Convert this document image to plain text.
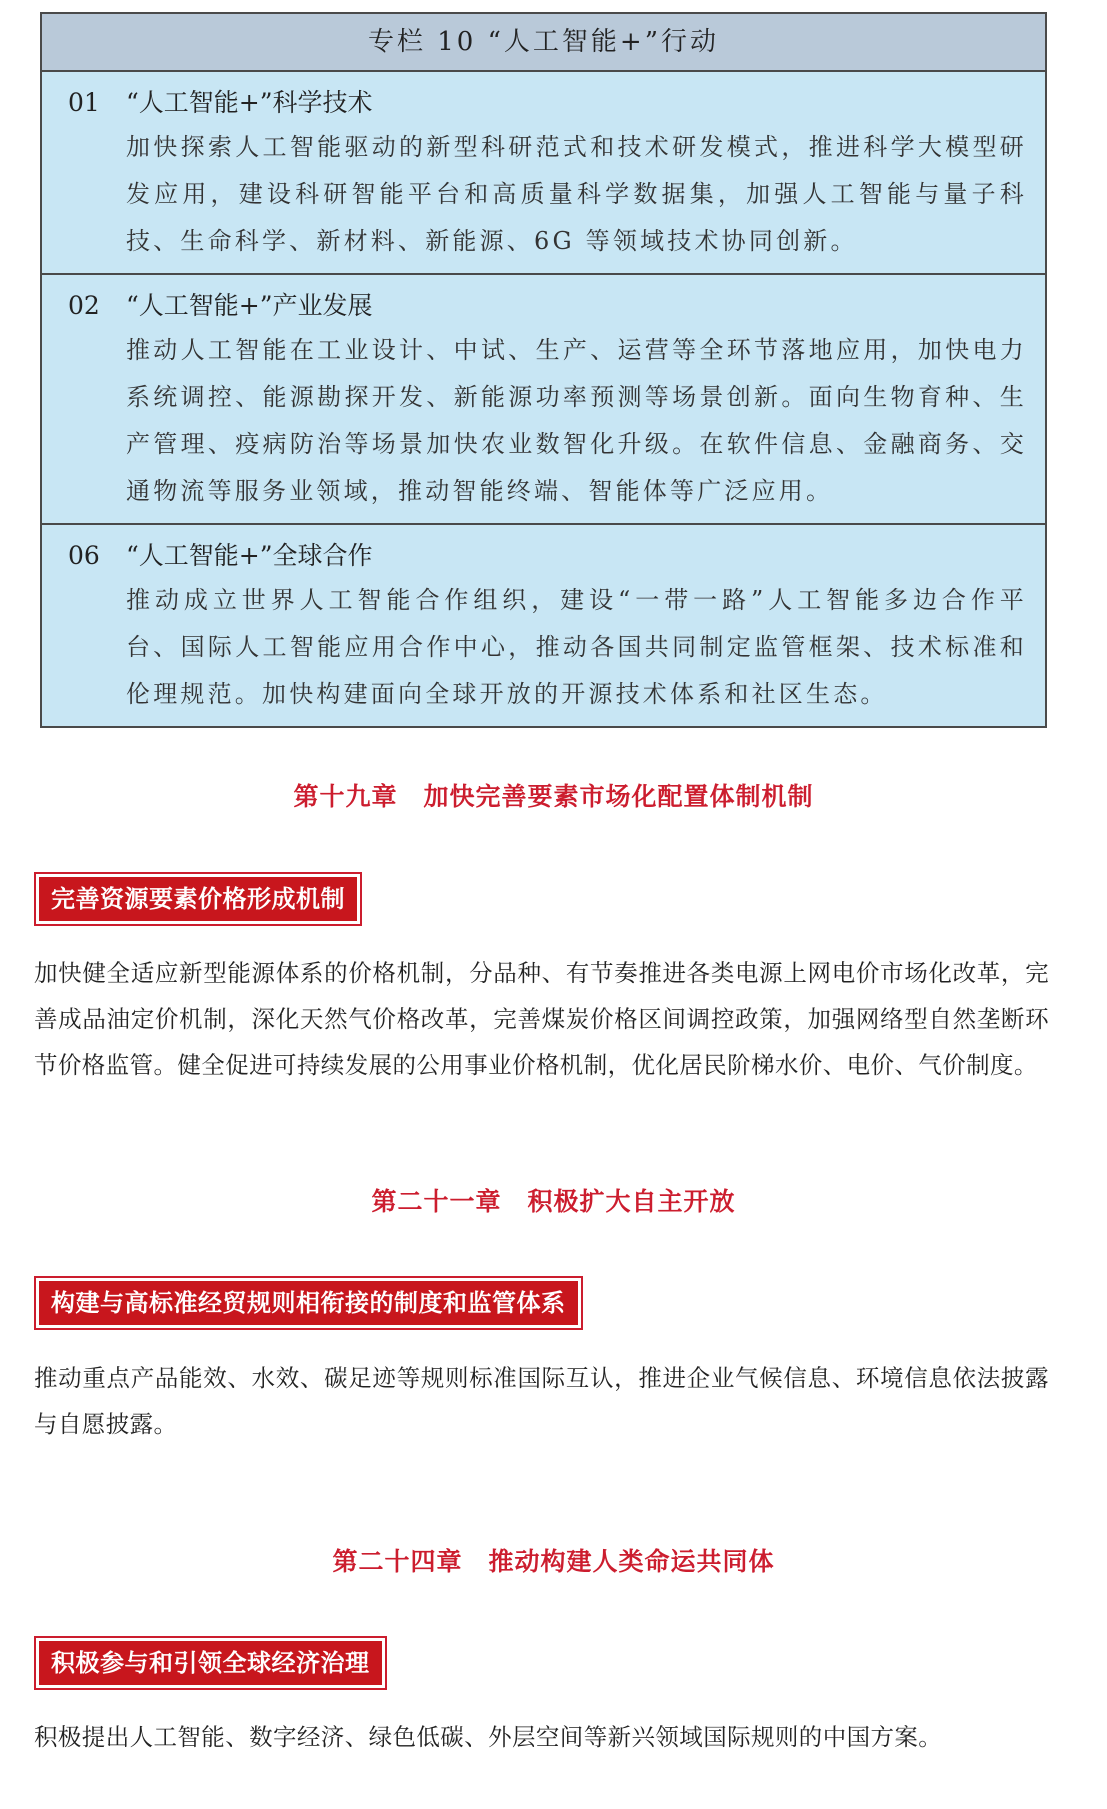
专栏 10 “人工智能+”行动
01	“人工智能+”科学技术
加快探索人工智能驱动的新型科研范式和技术研发模式，推进科学大模型研发应用，建设科研智能平台和高质量科学数据集，加强人工智能与量子科技、生命科学、新材料、新能源、6G 等领域技术协同创新。
02	“人工智能+”产业发展
推动人工智能在工业设计、中试、生产、运营等全环节落地应用，加快电力系统调控、能源勘探开发、新能源功率预测等场景创新。面向生物育种、生产管理、疫病防治等场景加快农业数智化升级。在软件信息、金融商务、交通物流等服务业领域，推动智能终端、智能体等广泛应用。
06	“人工智能+”全球合作
推动成立世界人工智能合作组织，建设“一带一路”人工智能多边合作平台、国际人工智能应用合作中心，推动各国共同制定监管框架、技术标准和伦理规范。加快构建面向全球开放的开源技术体系和社区生态。
第十九章　加快完善要素市场化配置体制机制
完善资源要素价格形成机制
加快健全适应新型能源体系的价格机制，分品种、有节奏推进各类电源上网电价市场化改革，完善成品油定价机制，深化天然气价格改革，完善煤炭价格区间调控政策，加强网络型自然垄断环节价格监管。健全促进可持续发展的公用事业价格机制，优化居民阶梯水价、电价、气价制度。
第二十一章　积极扩大自主开放
构建与高标准经贸规则相衔接的制度和监管体系
推动重点产品能效、水效、碳足迹等规则标准国际互认，推进企业气候信息、环境信息依法披露与自愿披露。
第二十四章　推动构建人类命运共同体
积极参与和引领全球经济治理
积极提出人工智能、数字经济、绿色低碳、外层空间等新兴领域国际规则的中国方案。
